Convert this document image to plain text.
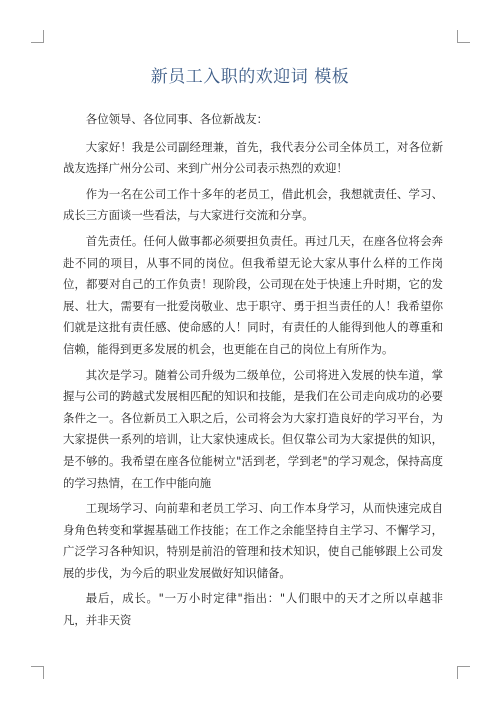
新员工入职的欢迎词 模板

各位领导、各位同事、各位新战友：

大家好！我是公司副经理兼，首先，我代表分公司全体员工，对各位新战友选择广州分公司、来到广州分公司表示热烈的欢迎！

作为一名在公司工作十多年的老员工，借此机会，我想就责任、学习、成长三方面谈一些看法，与大家进行交流和分享。

首先责任。任何人做事都必须要担负责任。再过几天，在座各位将会奔赴不同的项目，从事不同的岗位。但我希望无论大家从事什么样的工作岗位，都要对自己的工作负责！现阶段，公司现在处于快速上升时期，它的发展、壮大，需要有一批爱岗敬业、忠于职守、勇于担当责任的人！我希望你们就是这批有责任感、使命感的人！同时，有责任的人能得到他人的尊重和信赖，能得到更多发展的机会，也更能在自己的岗位上有所作为。

其次是学习。随着公司升级为二级单位，公司将进入发展的快车道，掌握与公司的跨越式发展相匹配的知识和技能，是我们在公司走向成功的必要条件之一。各位新员工入职之后，公司将会为大家打造良好的学习平台，为大家提供一系列的培训，让大家快速成长。但仅靠公司为大家提供的知识，是不够的。我希望在座各位能树立"活到老，学到老"的学习观念，保持高度的学习热情，在工作中能向施

工现场学习、向前辈和老员工学习、向工作本身学习，从而快速完成自身角色转变和掌握基础工作技能；在工作之余能坚持自主学习、不懈学习，广泛学习各种知识，特别是前沿的管理和技术知识，使自己能够跟上公司发展的步伐，为今后的职业发展做好知识储备。

最后，成长。"一万小时定律"指出："人们眼中的天才之所以卓越非凡，并非天资
